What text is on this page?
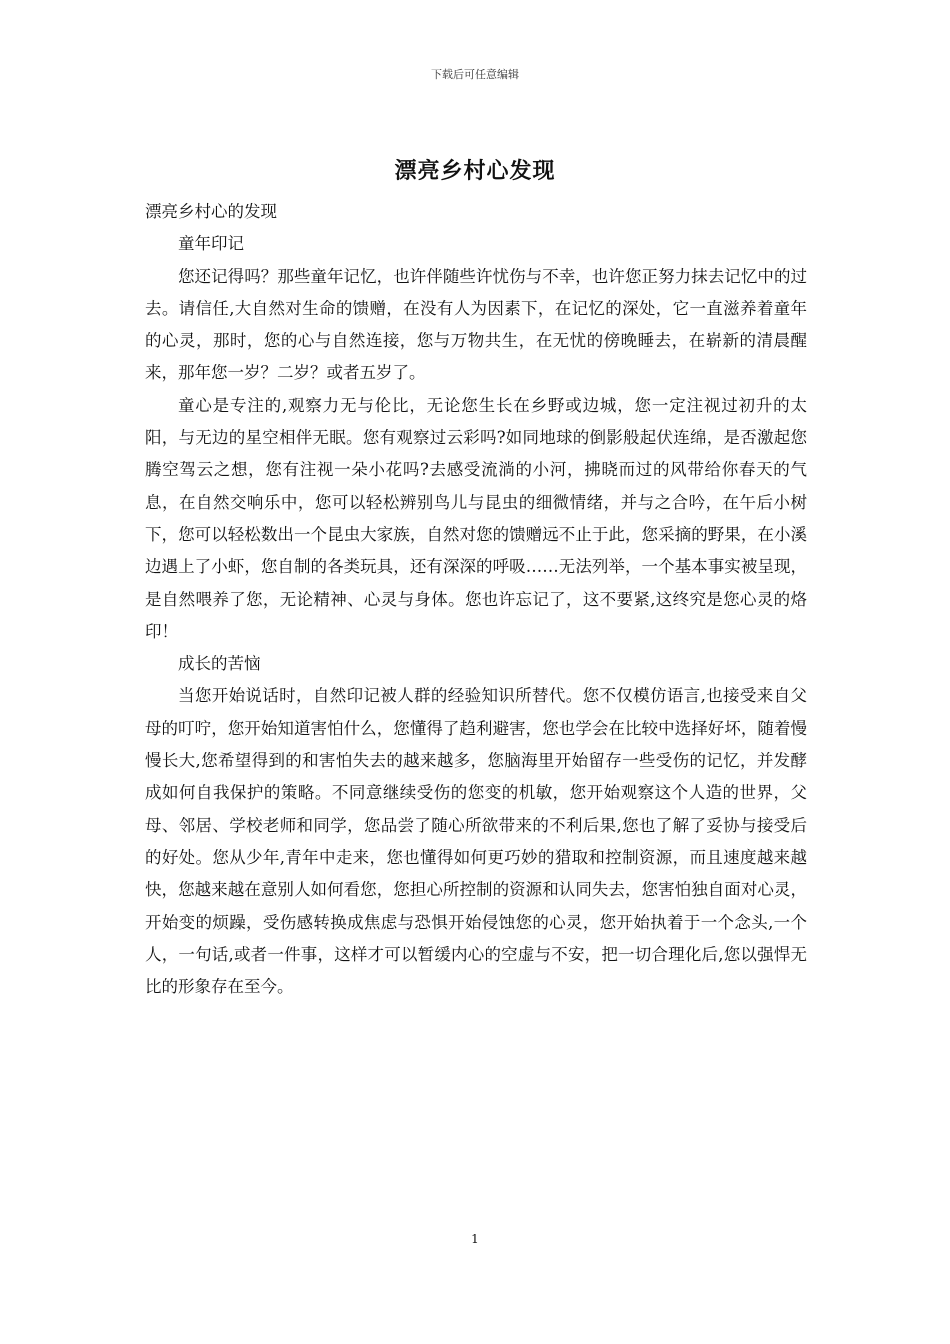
下载后可任意编辑
漂亮乡村心发现

漂亮乡村心的发现

童年印记

您还记得吗？那些童年记忆，也许伴随些许忧伤与不幸，也许您正努力抹去记忆中的过去。请信任,大自然对生命的馈赠，在没有人为因素下，在记忆的深处，它一直滋养着童年的心灵，那时，您的心与自然连接，您与万物共生，在无忧的傍晚睡去，在崭新的清晨醒来，那年您一岁？二岁？或者五岁了。

童心是专注的,观察力无与伦比，无论您生长在乡野或边城，您一定注视过初升的太阳，与无边的星空相伴无眠。您有观察过云彩吗?如同地球的倒影般起伏连绵，是否激起您腾空驾云之想，您有注视一朵小花吗?去感受流淌的小河，拂晓而过的风带给你春天的气息，在自然交响乐中，您可以轻松辨别鸟儿与昆虫的细微情绪，并与之合吟，在午后小树下，您可以轻松数出一个昆虫大家族，自然对您的馈赠远不止于此，您采摘的野果，在小溪边遇上了小虾，您自制的各类玩具，还有深深的呼吸……无法列举，一个基本事实被呈现，是自然喂养了您，无论精神、心灵与身体。您也许忘记了，这不要紧,这终究是您心灵的烙印！

成长的苦恼

当您开始说话时，自然印记被人群的经验知识所替代。您不仅模仿语言,也接受来自父母的叮咛，您开始知道害怕什么，您懂得了趋利避害，您也学会在比较中选择好坏，随着慢慢长大,您希望得到的和害怕失去的越来越多，您脑海里开始留存一些受伤的记忆，并发酵成如何自我保护的策略。不同意继续受伤的您变的机敏，您开始观察这个人造的世界，父母、邻居、学校老师和同学，您品尝了随心所欲带来的不利后果,您也了解了妥协与接受后的好处。您从少年,青年中走来，您也懂得如何更巧妙的猎取和控制资源，而且速度越来越快，您越来越在意别人如何看您，您担心所控制的资源和认同失去，您害怕独自面对心灵，开始变的烦躁，受伤感转换成焦虑与恐惧开始侵蚀您的心灵，您开始执着于一个念头,一个人，一句话,或者一件事，这样才可以暂缓内心的空虚与不安，把一切合理化后,您以强悍无比的形象存在至今。

1
